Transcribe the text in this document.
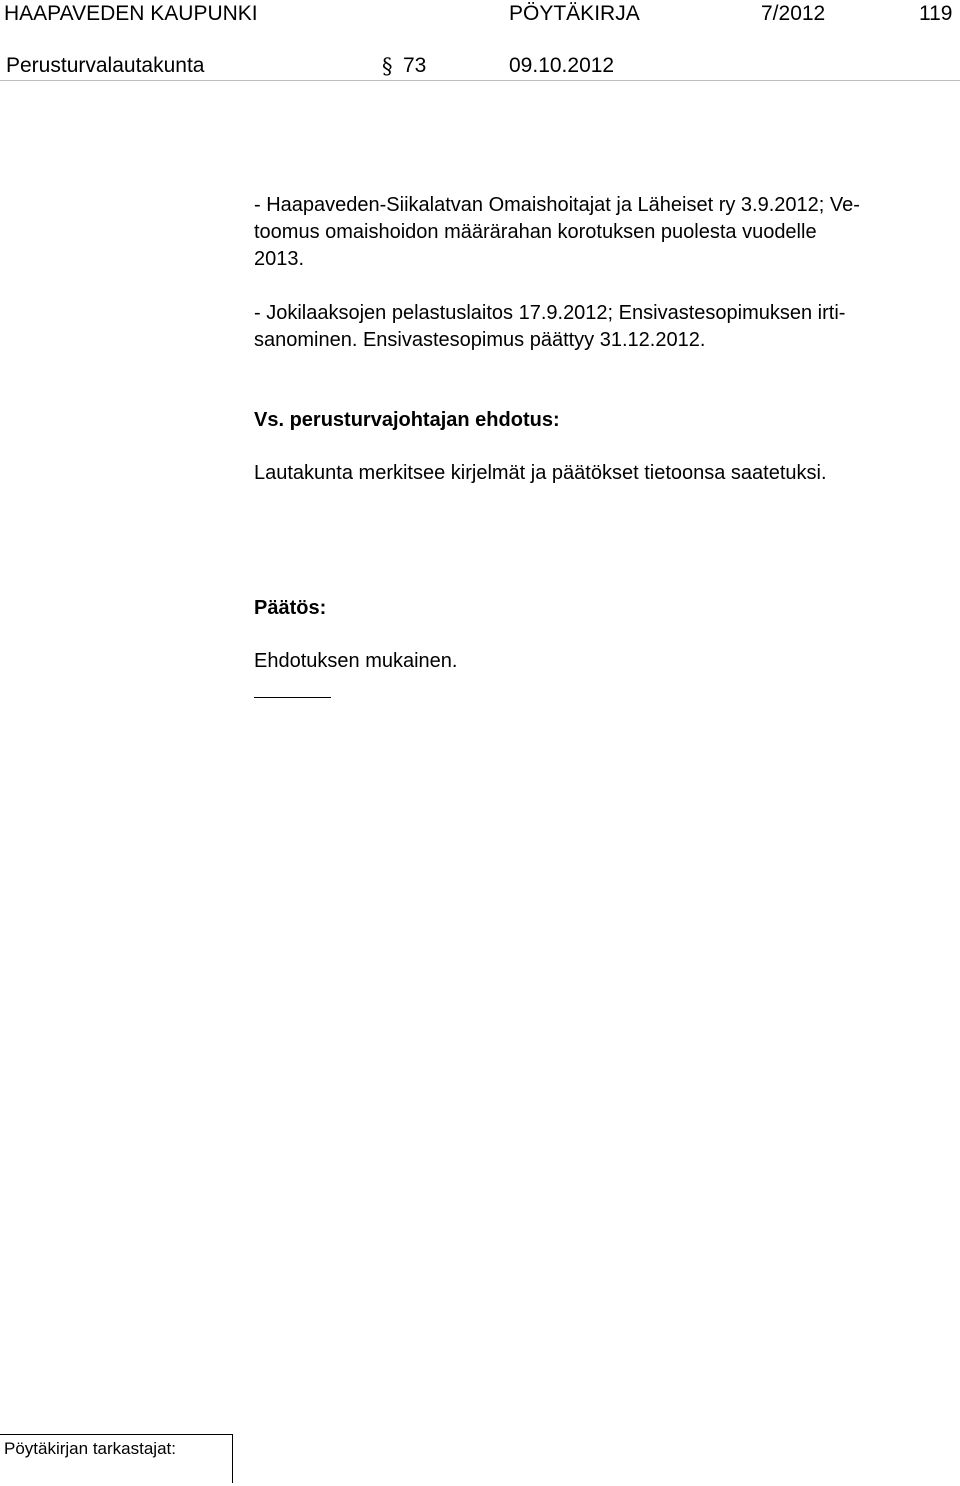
HAAPAVEDEN KAUPUNKI	PÖYTÄKIRJA	7/2012	119
Perusturvalautakunta	§ 73	09.10.2012
- Haapaveden-Siikalatvan Omaishoitajat ja Läheiset ry 3.9.2012; Ve-
toomus omaishoidon määrärahan korotuksen puolesta vuodelle
2013.
- Jokilaaksojen pelastuslaitos 17.9.2012; Ensivastesopimuksen irti-
sanominen. Ensivastesopimus päättyy 31.12.2012.
Vs. perusturvajohtajan ehdotus:
Lautakunta merkitsee kirjelmät ja päätökset tietoonsa saatetuksi.
Päätös:
Ehdotuksen mukainen.
Pöytäkirjan tarkastajat:
